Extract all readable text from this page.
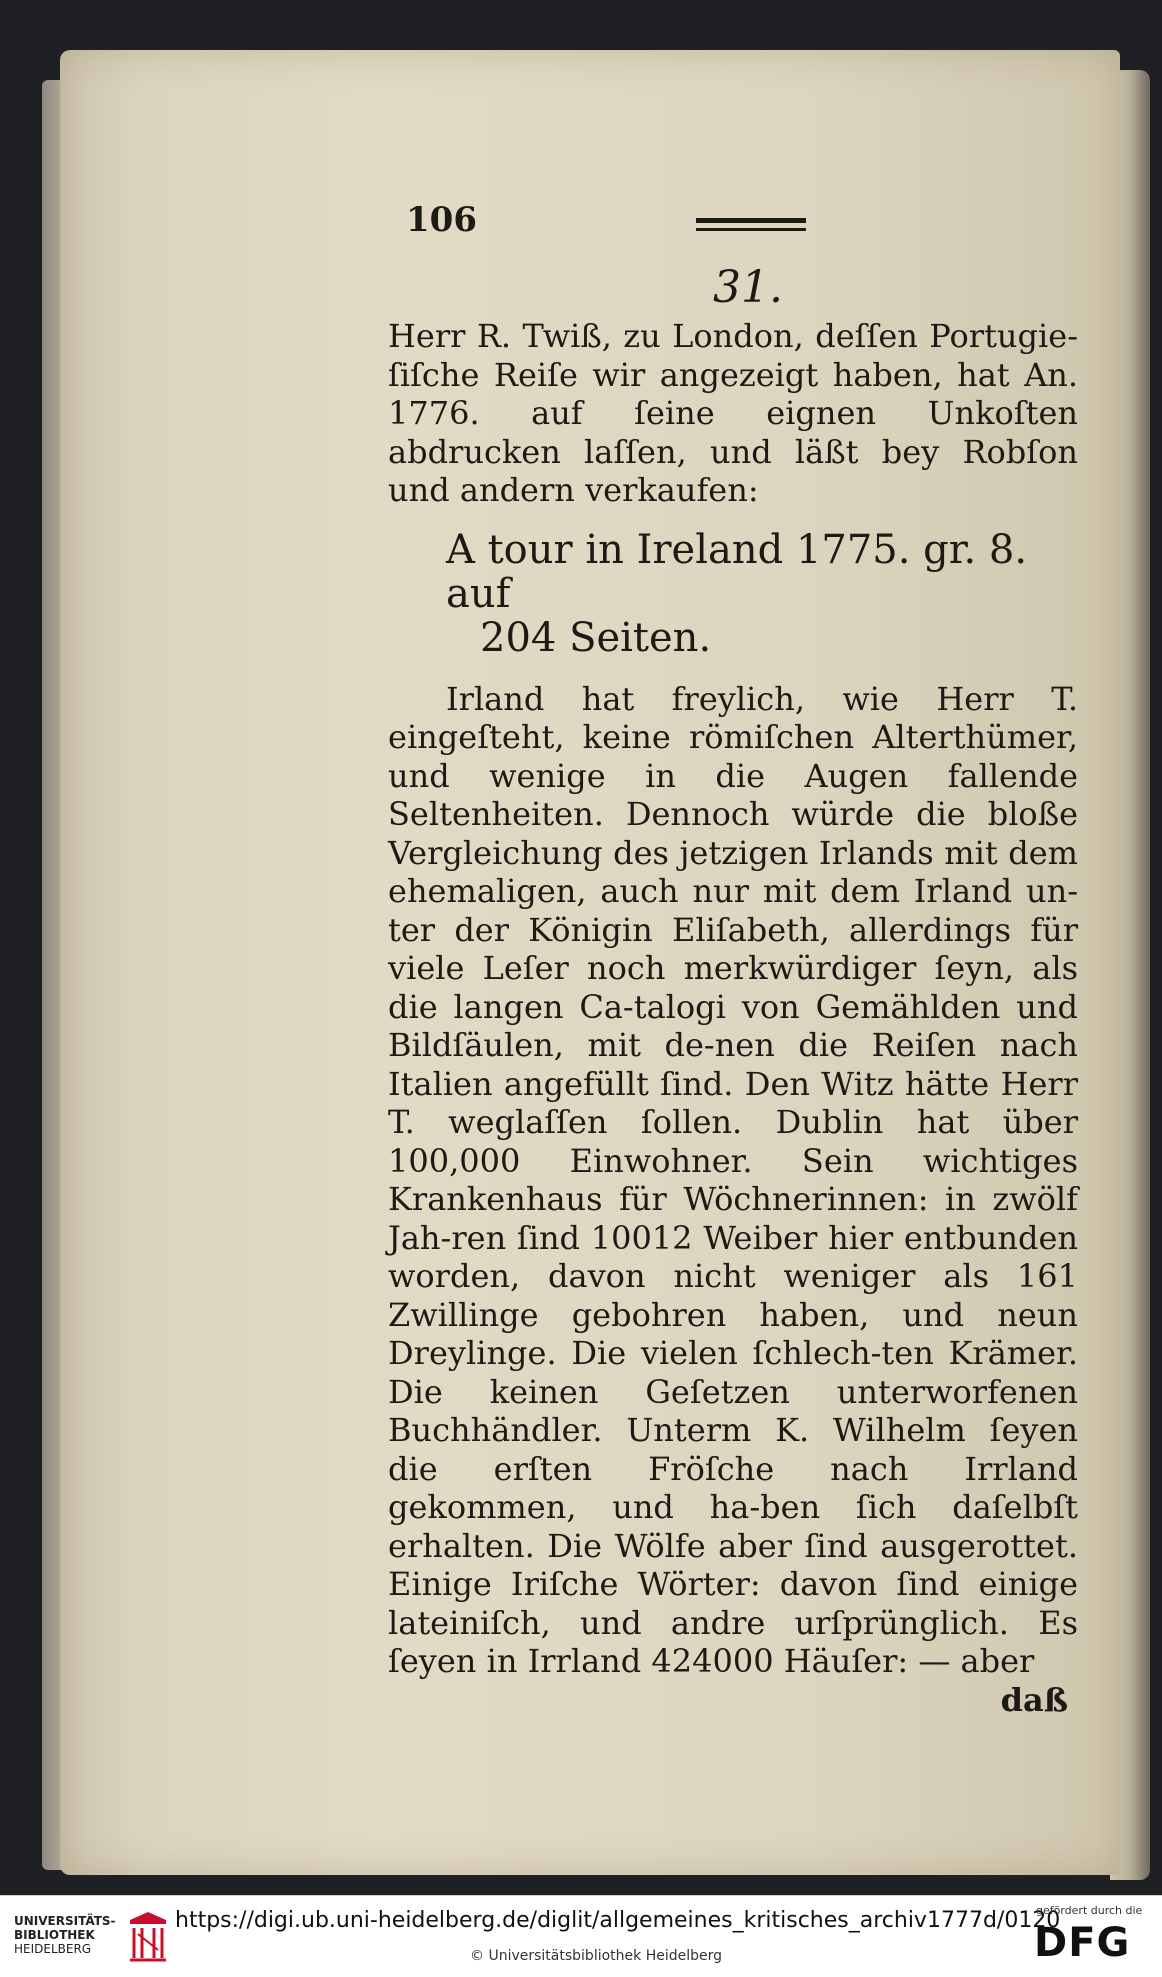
106
31.

Herr R. Twiß, zu London, deſſen Portugie-ſiſche Reiſe wir angezeigt haben, hat An. 1776. auf ſeine eignen Unkoſten abdrucken laſſen, und läßt bey Robſon und andern verkaufen:

A tour in Ireland 1775. gr. 8. auf
204 Seiten.

Irland hat freylich, wie Herr T. eingeſteht, keine römiſchen Alterthümer, und wenige in die Augen fallende Seltenheiten. Dennoch würde die bloße Vergleichung des jetzigen Irlands mit dem ehemaligen, auch nur mit dem Irland un-ter der Königin Eliſabeth, allerdings für viele Leſer noch merkwürdiger ſeyn, als die langen Ca-talogi von Gemählden und Bildſäulen, mit de-nen die Reiſen nach Italien angefüllt ſind. Den Witz hätte Herr T. weglaſſen ſollen. Dublin hat über 100,000 Einwohner. Sein wichtiges Krankenhaus für Wöchnerinnen: in zwölf Jah-ren ſind 10012 Weiber hier entbunden worden, davon nicht weniger als 161 Zwillinge gebohren haben, und neun Dreylinge. Die vielen ſchlech-ten Krämer. Die keinen Geſetzen unterworfenen Buchhändler. Unterm K. Wilhelm ſeyen die erſten Fröſche nach Irrland gekommen, und ha-ben ſich daſelbſt erhalten. Die Wölfe aber ſind ausgerottet. Einige Iriſche Wörter: davon ſind einige lateiniſch, und andre urſprünglich. Es ſeyen in Irrland 424000 Häuſer: — aber

daß
UNIVERSITÄTS-
BIBLIOTHEK
HEIDELBERG
https://digi.ub.uni-heidelberg.de/diglit/allgemeines_kritisches_archiv1777d/0120
© Universitätsbibliothek Heidelberg
gefördert durch die
DFG
